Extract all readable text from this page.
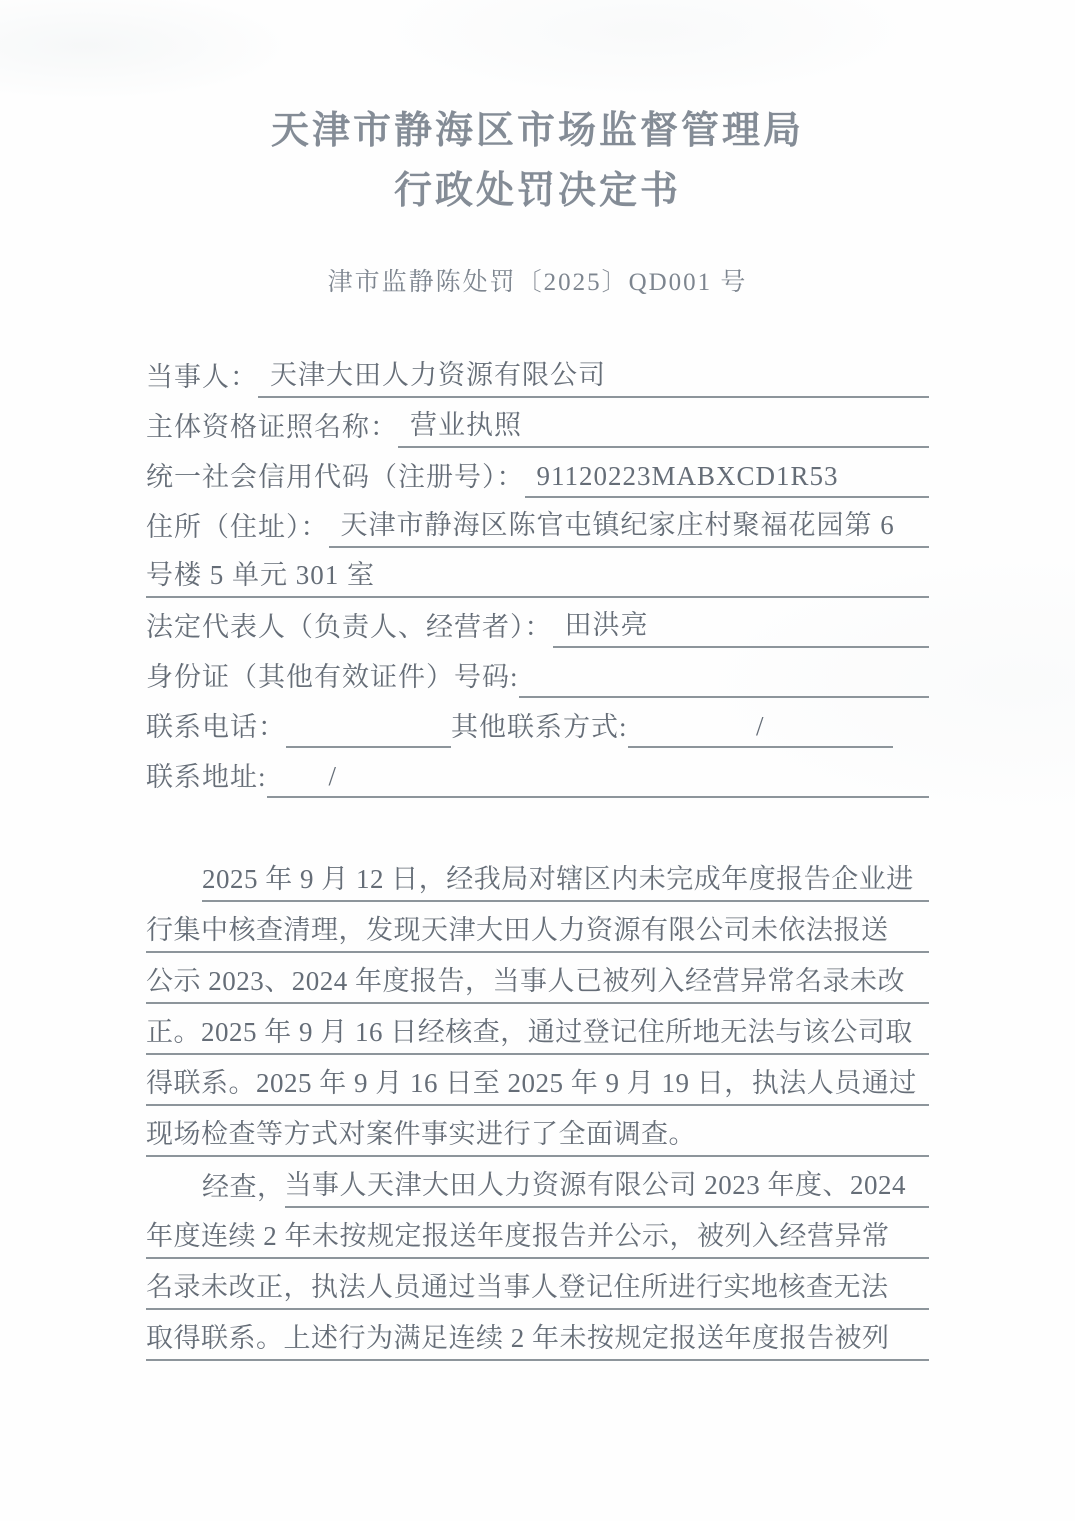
天津市静海区市场监督管理局
行政处罚决定书
津市监静陈处罚〔2025〕QD001 号
当事人： 天津大田人力资源有限公司
主体资格证照名称： 营业执照
统一社会信用代码（注册号）： 91120223MABXCD1R53
住所（住址）： 天津市静海区陈官屯镇纪家庄村聚福花园第 6
号楼 5 单元 301 室
法定代表人（负责人、经营者）： 田洪亮
身份证（其他有效证件）号码:
联系电话：	其他联系方式:	/
联系地址:	/
2025 年 9 月 12 日，经我局对辖区内未完成年度报告企业进
行集中核查清理，发现天津大田人力资源有限公司未依法报送
公示 2023、2024 年度报告，当事人已被列入经营异常名录未改
正。2025 年 9 月 16 日经核查，通过登记住所地无法与该公司取
得联系。2025 年 9 月 16 日至 2025 年 9 月 19 日，执法人员通过
现场检查等方式对案件事实进行了全面调查。
经查， 当事人天津大田人力资源有限公司 2023 年度、2024
年度连续 2 年未按规定报送年度报告并公示，被列入经营异常
名录未改正，执法人员通过当事人登记住所进行实地核查无法
取得联系。上述行为满足连续 2 年未按规定报送年度报告被列
